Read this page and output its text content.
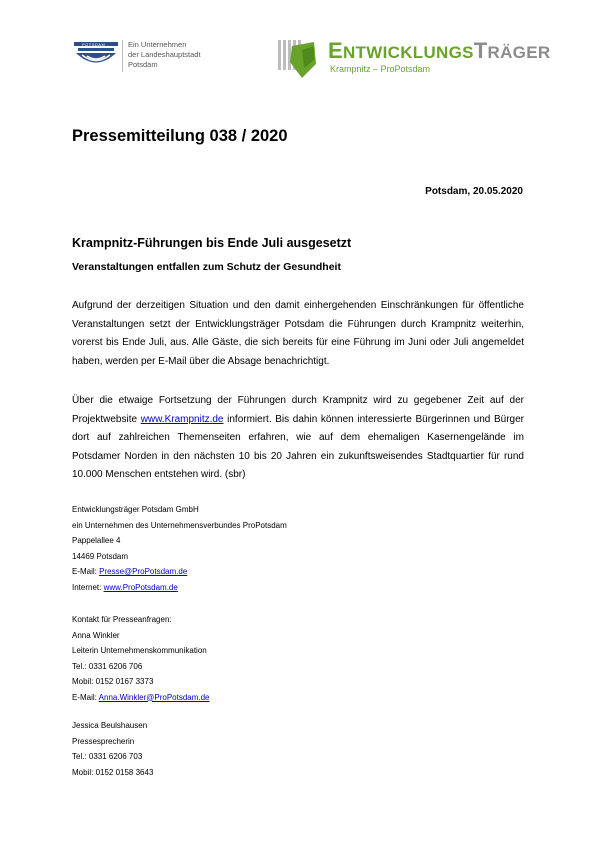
POTSDAM	Ein Unternehmen
der Landeshauptstadt
Potsdam
ENTWICKLUNGSTRÄGER
Krampnitz – ProPotsdam
Pressemitteilung 038 / 2020
Potsdam, 20.05.2020
Krampnitz-Führungen bis Ende Juli ausgesetzt
Veranstaltungen entfallen zum Schutz der Gesundheit
Aufgrund der derzeitigen Situation und den damit einhergehenden Einschränkungen für öffentliche Veranstaltungen setzt der Entwicklungsträger Potsdam die Führungen durch Krampnitz weiterhin, vorerst bis Ende Juli, aus. Alle Gäste, die sich bereits für eine Führung im Juni oder Juli angemeldet haben, werden per E-Mail über die Absage benachrichtigt.
Über die etwaige Fortsetzung der Führungen durch Krampnitz wird zu gegebener Zeit auf der Projektwebsite www.Krampnitz.de informiert. Bis dahin können interessierte Bürgerinnen und Bürger dort auf zahlreichen Themenseiten erfahren, wie auf dem ehemaligen Kasernengelände im Potsdamer Norden in den nächsten 10 bis 20 Jahren ein zukunftsweisendes Stadtquartier für rund 10.000 Menschen entstehen wird. (sbr)
Entwicklungsträger Potsdam GmbH
ein Unternehmen des Unternehmensverbundes ProPotsdam
Pappelallee 4
14469 Potsdam
E-Mail: Presse@ProPotsdam.de
Internet: www.ProPotsdam.de
Kontakt für Presseanfragen:
Anna Winkler
Leiterin Unternehmenskommunikation
Tel.: 0331 6206 706
Mobil: 0152 0167 3373
E-Mail: Anna.Winkler@ProPotsdam.de
Jessica Beulshausen
Pressesprecherin
Tel.: 0331 6206 703
Mobil: 0152 0158 3643
